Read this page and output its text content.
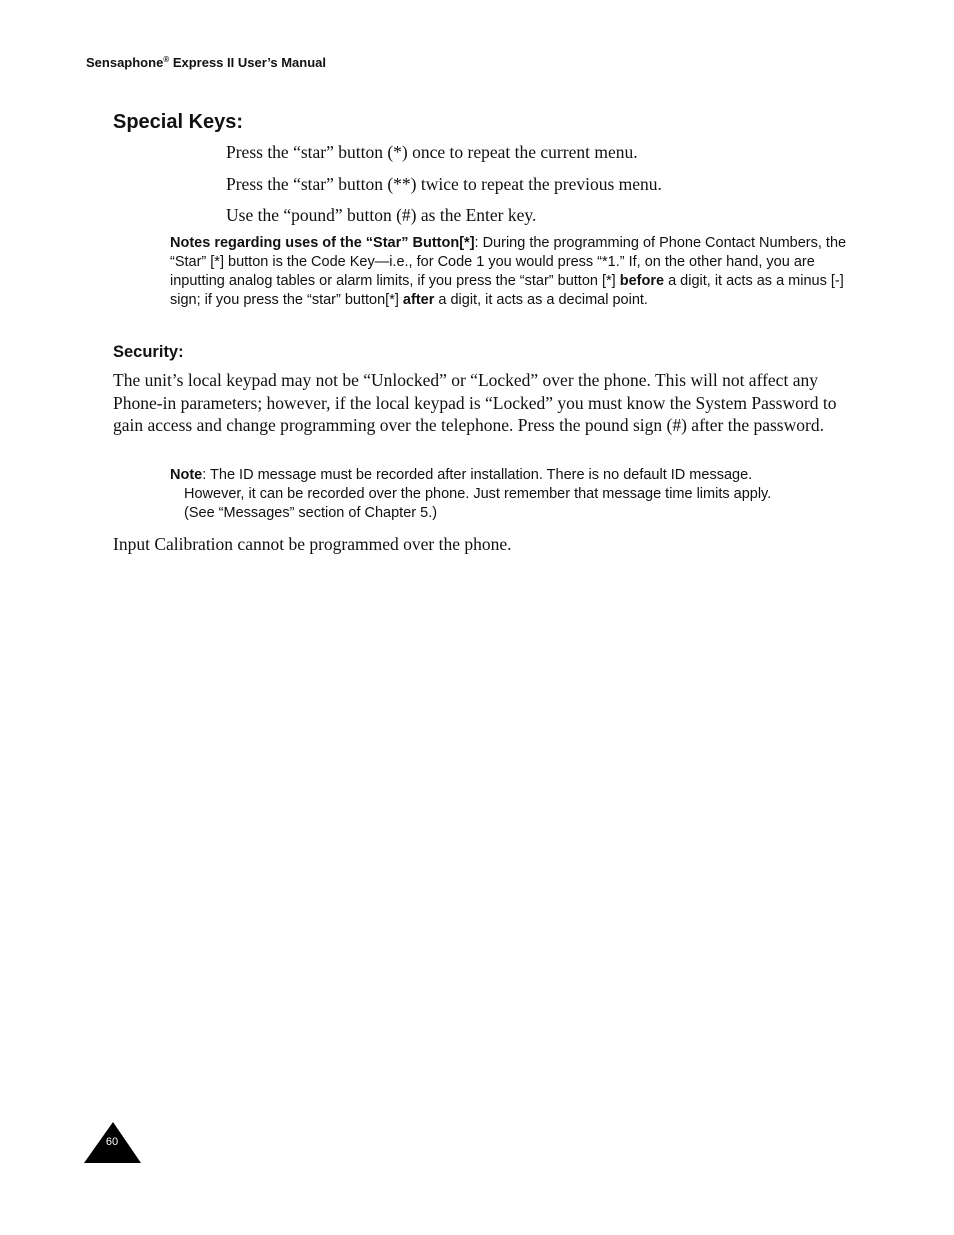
Sensaphone® Express II User’s Manual
Special Keys:
Press the “star” button (*) once to repeat the current menu.
Press the “star” button (**) twice to repeat the previous menu.
Use the “pound” button (#) as the Enter key.
Notes regarding uses of the “Star” Button[*]: During the programming of Phone Contact Numbers, the “Star” [*] button is the Code Key—i.e., for Code 1 you would press “*1.” If, on the other hand, you are inputting analog tables or alarm limits, if you press the “star” button [*] before a digit, it acts as a minus [-] sign; if you press the “star” button[*] after a digit, it acts as a decimal point.
Security:
The unit’s local keypad may not be “Unlocked” or “Locked” over the phone. This will not affect any Phone-in parameters; however, if the local keypad is “Locked” you must know the System Password to gain access and change programming over the telephone. Press the pound sign (#) after the password.
Note: The ID message must be recorded after installation. There is no default ID message.
However, it can be recorded over the phone. Just remember that message time limits apply.
(See “Messages” section of Chapter 5.)
Input Calibration cannot be programmed over the phone.
60
